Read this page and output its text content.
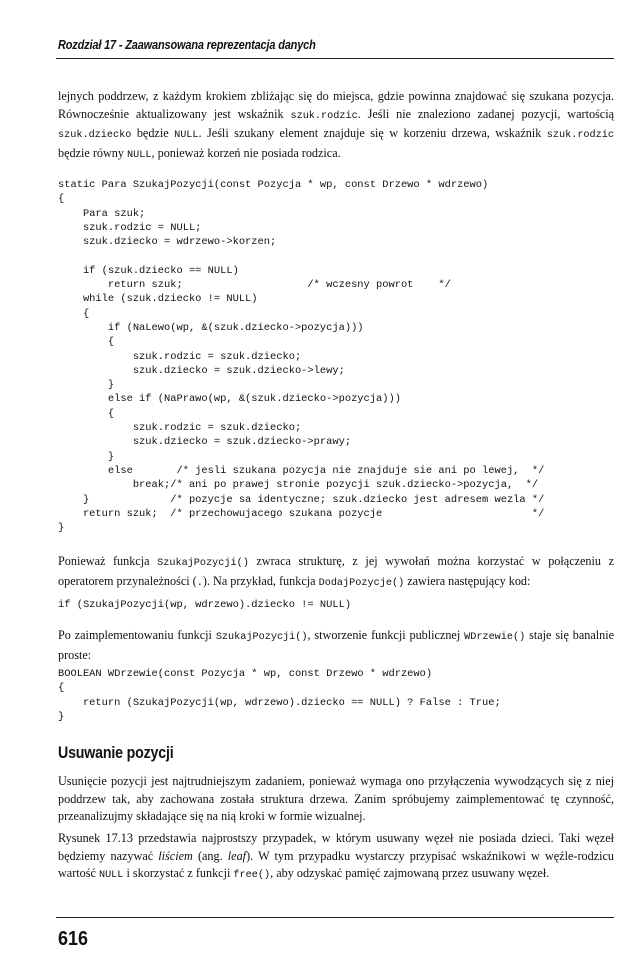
Rozdział 17 - Zaawansowana reprezentacja danych

lejnych poddrzew, z każdym krokiem zbliżając się do miejsca, gdzie powinna znajdować się szukana pozycja. Równocześnie aktualizowany jest wskaźnik szuk.rodzic. Jeśli nie znaleziono zadanej pozycji, wartością szuk.dziecko będzie NULL. Jeśli szukany element znajduje się w korzeniu drzewa, wskaźnik szuk.rodzic będzie równy NULL, ponieważ korzeń nie posiada rodzica.

static Para SzukajPozycji(const Pozycja * wp, const Drzewo * wdrzewo)
{
Para szuk;
szuk.rodzic = NULL;
szuk.dziecko = wdrzewo->korzen;

if (szuk.dziecko == NULL)
return szuk;                    /* wczesny powrot    */
while (szuk.dziecko != NULL)
{
if (NaLewo(wp, &(szuk.dziecko->pozycja)))
{
szuk.rodzic = szuk.dziecko;
szuk.dziecko = szuk.dziecko->lewy;
}
else if (NaPrawo(wp, &(szuk.dziecko->pozycja)))
{
szuk.rodzic = szuk.dziecko;
szuk.dziecko = szuk.dziecko->prawy;
}
else       /* jesli szukana pozycja nie znajduje sie ani po lewej,  */
break;/* ani po prawej stronie pozycji szuk.dziecko->pozycja,  */
}             /* pozycje sa identyczne; szuk.dziecko jest adresem wezla */
return szuk;  /* przechowujacego szukana pozycje                        */
}

Ponieważ funkcja SzukajPozycji() zwraca strukturę, z jej wywołań można korzystać w połączeniu z operatorem przynależności (.). Na przykład, funkcja DodajPozycje() zawiera następujący kod:

if (SzukajPozycji(wp, wdrzewo).dziecko != NULL)

Po zaimplementowaniu funkcji SzukajPozycji(), stworzenie funkcji publicznej WDrzewie() staje się banalnie proste:

BOOLEAN WDrzewie(const Pozycja * wp, const Drzewo * wdrzewo)
{
return (SzukajPozycji(wp, wdrzewo).dziecko == NULL) ? False : True;
}
Usuwanie pozycji

Usunięcie pozycji jest najtrudniejszym zadaniem, ponieważ wymaga ono przyłączenia wywodzących się z niej poddrzew tak, aby zachowana została struktura drzewa. Zanim spróbujemy zaimplementować tę czynność, przeanalizujmy składające się na nią kroki w formie wizualnej.

Rysunek 17.13 przedstawia najprostszy przypadek, w którym usuwany węzeł nie posiada dzieci. Taki węzeł będziemy nazywać liściem (ang. leaf). W tym przypadku wystarczy przypisać wskaźnikowi w węźle-rodzicu wartość NULL i skorzystać z funkcji free(), aby odzyskać pamięć zajmowaną przez usuwany węzeł.

616
